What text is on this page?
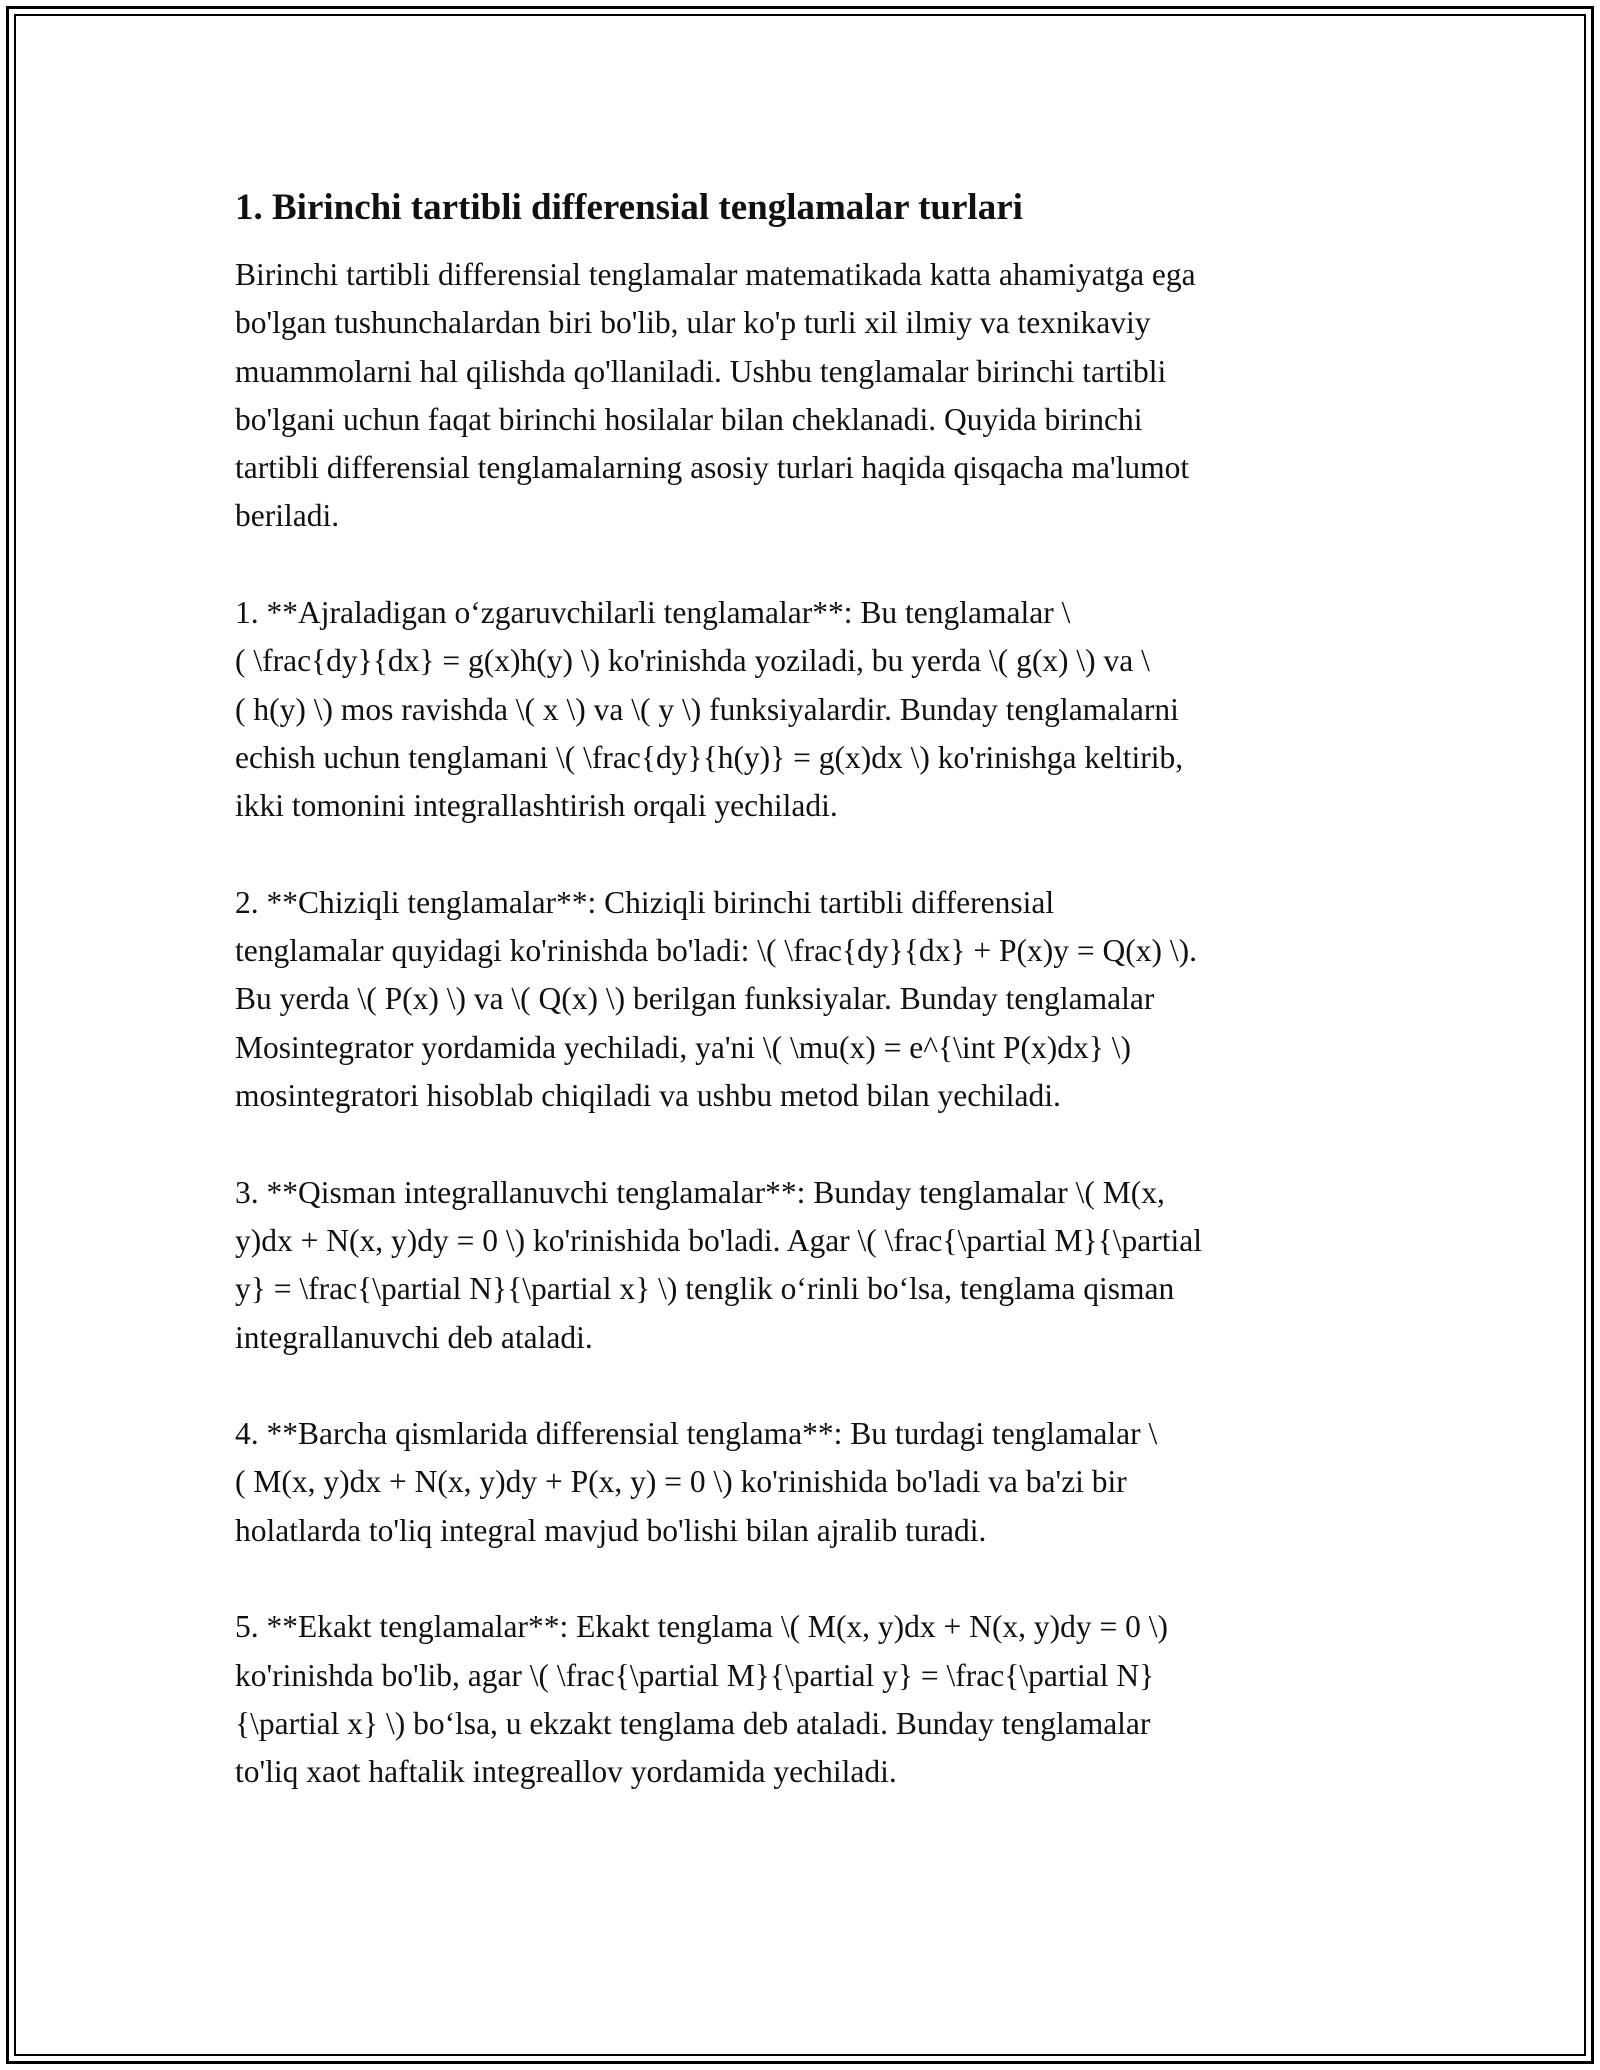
1. Birinchi tartibli differensial tenglamalar turlari
Birinchi tartibli differensial tenglamalar matematikada katta ahamiyatga ega
bo'lgan tushunchalardan biri bo'lib, ular ko'p turli xil ilmiy va texnikaviy
muammolarni hal qilishda qo'llaniladi. Ushbu tenglamalar birinchi tartibli
bo'lgani uchun faqat birinchi hosilalar bilan cheklanadi. Quyida birinchi
tartibli differensial tenglamalarning asosiy turlari haqida qisqacha ma'lumot
beriladi.
1. **Ajraladigan o‘zgaruvchilarli tenglamalar**: Bu tenglamalar \
( \frac{dy}{dx} = g(x)h(y) \) ko'rinishda yoziladi, bu yerda \( g(x) \) va \
( h(y) \) mos ravishda \( x \) va \( y \) funksiyalardir. Bunday tenglamalarni
echish uchun tenglamani \( \frac{dy}{h(y)} = g(x)dx \) ko'rinishga keltirib,
ikki tomonini integrallashtirish orqali yechiladi.
2. **Chiziqli tenglamalar**: Chiziqli birinchi tartibli differensial
tenglamalar quyidagi ko'rinishda bo'ladi: \( \frac{dy}{dx} + P(x)y = Q(x) \).
Bu yerda \( P(x) \) va \( Q(x) \) berilgan funksiyalar. Bunday tenglamalar
Mosintegrator yordamida yechiladi, ya'ni \( \mu(x) = e^{\int P(x)dx} \)
mosintegratori hisoblab chiqiladi va ushbu metod bilan yechiladi.
3. **Qisman integrallanuvchi tenglamalar**: Bunday tenglamalar \( M(x,
y)dx + N(x, y)dy = 0 \) ko'rinishida bo'ladi. Agar \( \frac{\partial M}{\partial
y} = \frac{\partial N}{\partial x} \) tenglik o‘rinli bo‘lsa, tenglama qisman
integrallanuvchi deb ataladi.
4. **Barcha qismlarida differensial tenglama**: Bu turdagi tenglamalar \
( M(x, y)dx + N(x, y)dy + P(x, y) = 0 \) ko'rinishida bo'ladi va ba'zi bir
holatlarda to'liq integral mavjud bo'lishi bilan ajralib turadi.
5. **Ekakt tenglamalar**: Ekakt tenglama \( M(x, y)dx + N(x, y)dy = 0 \)
ko'rinishda bo'lib, agar \( \frac{\partial M}{\partial y} = \frac{\partial N}
{\partial x} \) bo‘lsa, u ekzakt tenglama deb ataladi. Bunday tenglamalar
to'liq xaot haftalik integreallov yordamida yechiladi.
